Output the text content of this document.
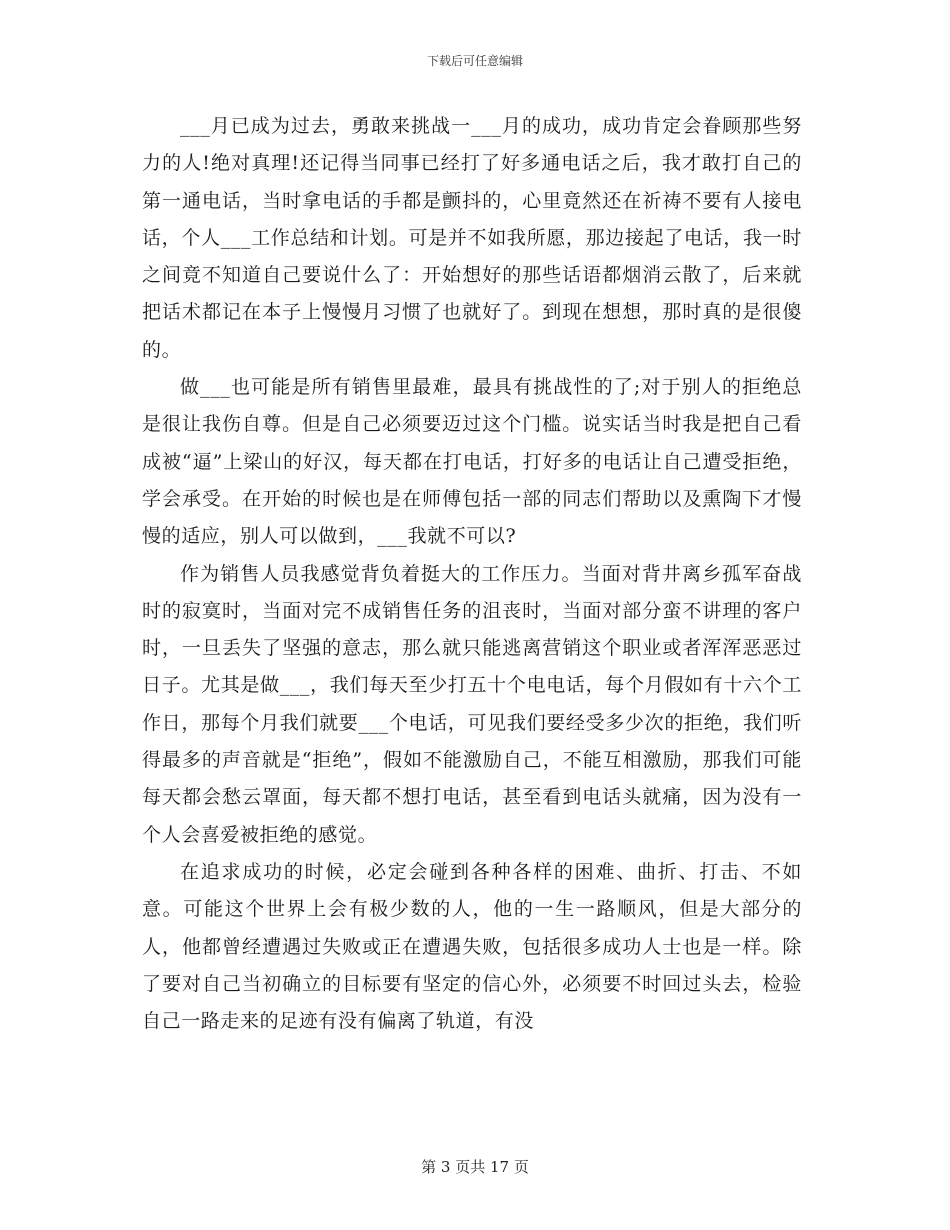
下载后可任意编辑

___月已成为过去，勇敢来挑战一___月的成功，成功肯定会眷顾那些努力的人!绝对真理!还记得当同事已经打了好多通电话之后，我才敢打自己的第一通电话，当时拿电话的手都是颤抖的，心里竟然还在祈祷不要有人接电话，个人___工作总结和计划。可是并不如我所愿，那边接起了电话，我一时之间竟不知道自己要说什么了：开始想好的那些话语都烟消云散了，后来就把话术都记在本子上慢慢月习惯了也就好了。到现在想想，那时真的是很傻的。

做___也可能是所有销售里最难，最具有挑战性的了;对于别人的拒绝总是很让我伤自尊。但是自己必须要迈过这个门槛。说实话当时我是把自己看成被“逼”上梁山的好汉，每天都在打电话，打好多的电话让自己遭受拒绝，学会承受。在开始的时候也是在师傅包括一部的同志们帮助以及熏陶下才慢慢的适应，别人可以做到，___我就不可以?

作为销售人员我感觉背负着挺大的工作压力。当面对背井离乡孤军奋战时的寂寞时，当面对完不成销售任务的沮丧时，当面对部分蛮不讲理的客户时，一旦丢失了坚强的意志，那么就只能逃离营销这个职业或者浑浑恶恶过日子。尤其是做___，我们每天至少打五十个电电话，每个月假如有十六个工作日，那每个月我们就要___个电话，可见我们要经受多少次的拒绝，我们听得最多的声音就是“拒绝”，假如不能激励自己，不能互相激励，那我们可能每天都会愁云罩面，每天都不想打电话，甚至看到电话头就痛，因为没有一个人会喜爱被拒绝的感觉。

在追求成功的时候，必定会碰到各种各样的困难、曲折、打击、不如意。可能这个世界上会有极少数的人，他的一生一路顺风，但是大部分的人，他都曾经遭遇过失败或正在遭遇失败，包括很多成功人士也是一样。除了要对自己当初确立的目标要有坚定的信心外，必须要不时回过头去，检验自己一路走来的足迹有没有偏离了轨道，有没

第 3 页共 17 页
